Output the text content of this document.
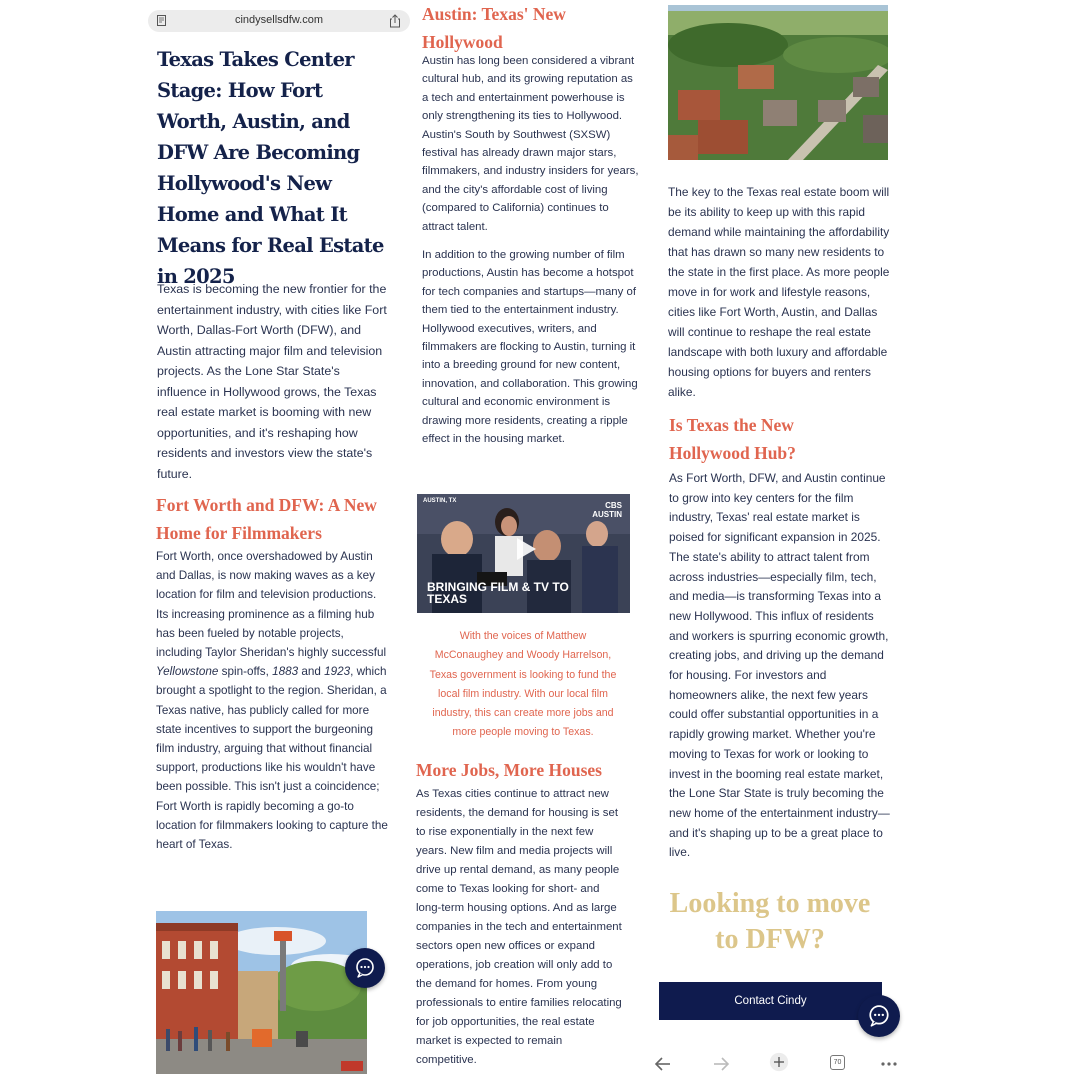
cindysellsdfw.com
Texas Takes Center Stage: How Fort Worth, Austin, and DFW Are Becoming Hollywood's New Home and What It Means for Real Estate in 2025

Texas is becoming the new frontier for the entertainment industry, with cities like Fort Worth, Dallas-Fort Worth (DFW), and Austin attracting major film and television projects. As the Lone Star State's influence in Hollywood grows, the Texas real estate market is booming with new opportunities, and it's reshaping how residents and investors view the state's future.

Fort Worth and DFW: A New Home for Filmmakers

Fort Worth, once overshadowed by Austin and Dallas, is now making waves as a key location for film and television productions. Its increasing prominence as a filming hub has been fueled by notable projects, including Taylor Sheridan's highly successful Yellowstone spin-offs, 1883 and 1923, which brought a spotlight to the region. Sheridan, a Texas native, has publicly called for more state incentives to support the burgeoning film industry, arguing that without financial support, productions like his wouldn't have been possible. This isn't just a coincidence; Fort Worth is rapidly becoming a go-to location for filmmakers looking to capture the heart of Texas.

Austin: Texas' New Hollywood

Austin has long been considered a vibrant cultural hub, and its growing reputation as a tech and entertainment powerhouse is only strengthening its ties to Hollywood. Austin's South by Southwest (SXSW) festival has already drawn major stars, filmmakers, and industry insiders for years, and the city's affordable cost of living (compared to California) continues to attract talent.

In addition to the growing number of film productions, Austin has become a hotspot for tech companies and startups—many of them tied to the entertainment industry. Hollywood executives, writers, and filmmakers are flocking to Austin, turning it into a breeding ground for new content, innovation, and collaboration. This growing cultural and economic environment is drawing more residents, creating a ripple effect in the housing market.

AUSTIN, TX	CBS
AUSTIN
BRINGING FILM & TV TO TEXAS

With the voices of Matthew McConaughey and Woody Harrelson, Texas government is looking to fund the local film industry. With our local film industry, this can create more jobs and more people moving to Texas.

More Jobs, More Houses

As Texas cities continue to attract new residents, the demand for housing is set to rise exponentially in the next few years. New film and media projects will drive up rental demand, as many people come to Texas looking for short- and long-term housing options. And as large companies in the tech and entertainment sectors open new offices or expand operations, job creation will only add to the demand for homes. From young professionals to entire families relocating for job opportunities, the real estate market is expected to remain competitive.

The key to the Texas real estate boom will be its ability to keep up with this rapid demand while maintaining the affordability that has drawn so many new residents to the state in the first place. As more people move in for work and lifestyle reasons, cities like Fort Worth, Austin, and Dallas will continue to reshape the real estate landscape with both luxury and affordable housing options for buyers and renters alike.

Is Texas the New Hollywood Hub?

As Fort Worth, DFW, and Austin continue to grow into key centers for the film industry, Texas' real estate market is poised for significant expansion in 2025. The state's ability to attract talent from across industries—especially film, tech, and media—is transforming Texas into a new Hollywood. This influx of residents and workers is spurring economic growth, creating jobs, and driving up the demand for housing. For investors and homeowners alike, the next few years could offer substantial opportunities in a rapidly growing market. Whether you're moving to Texas for work or looking to invest in the booming real estate market, the Lone Star State is truly becoming the new home of the entertainment industry—and it's shaping up to be a great place to live.

Looking to move to DFW?
Contact Cindy
70
